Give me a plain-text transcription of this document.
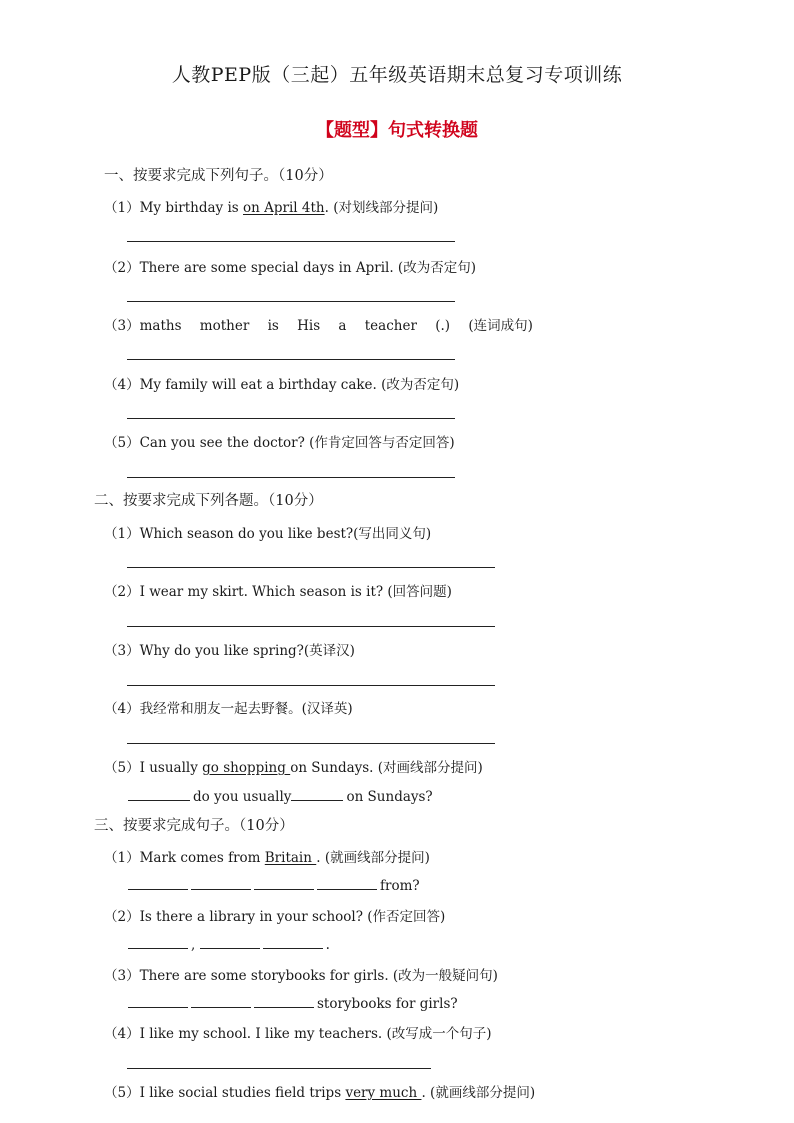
人教PEP版（三起）五年级英语期末总复习专项训练
【题型】句式转换题
一、按要求完成下列句子。（10分）
（1）My birthday is on April 4th. (对划线部分提问)
（2）There are some special days in April. (改为否定句)
（3）maths mother is His a teacher (.) (连词成句)
（4）My family will eat a birthday cake. (改为否定句)
（5）Can you see the doctor? (作肯定回答与否定回答)
二、按要求完成下列各题。（10分）
（1）Which season do you like best?(写出同义句)
（2）I wear my skirt. Which season is it? (回答问题)
（3）Why do you like spring?(英译汉)
（4）我经常和朋友一起去野餐。(汉译英)
（5）I usually go shopping on Sundays. (对画线部分提问)
do you usually	on Sundays?
三、按要求完成句子。（10分）
（1）Mark comes from Britain . (就画线部分提问)
from?
（2）Is there a library in your school? (作否定回答)
,	.
（3）There are some storybooks for girls. (改为一般疑问句)
storybooks for girls?
（4）I like my school. I like my teachers. (改写成一个句子)
（5）I like social studies field trips very much . (就画线部分提问)
